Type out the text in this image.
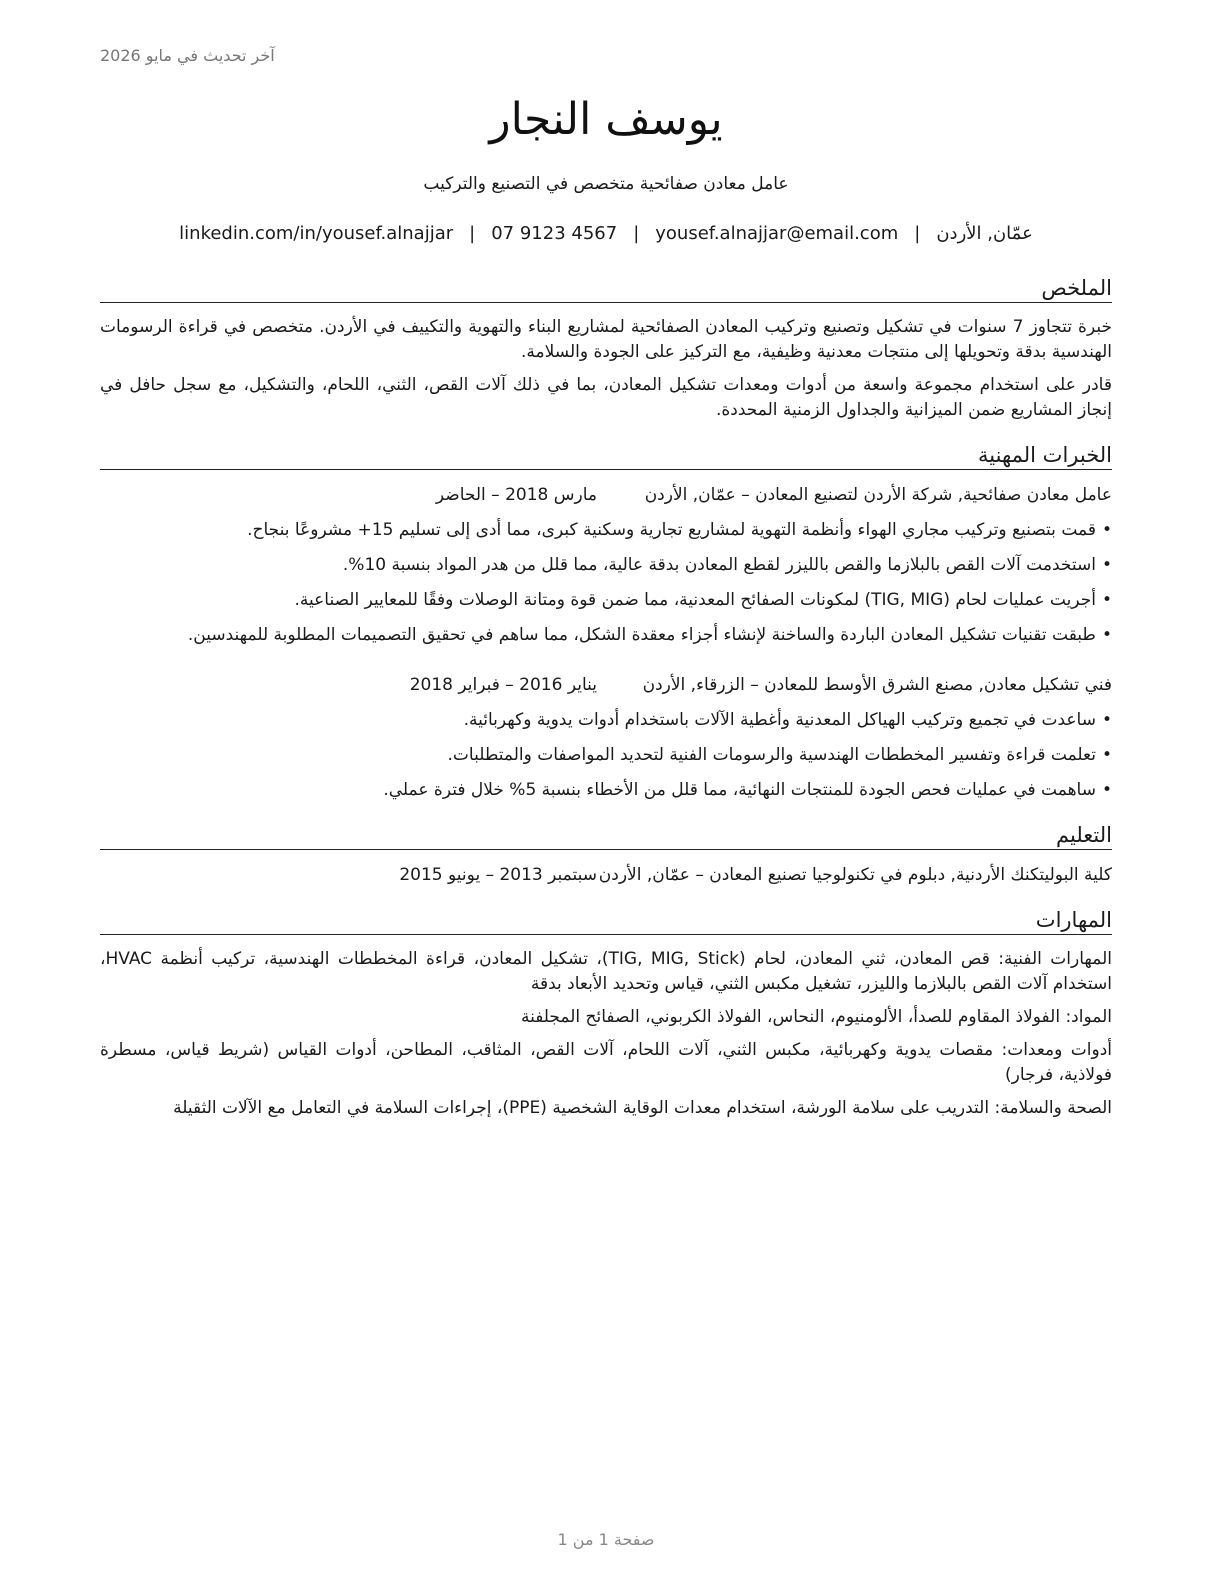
آخر تحديث في مايو 2026
يوسف النجار
عامل معادن صفائحية متخصص في التصنيع والتركيب
عمّان, الأردن|yousef.alnajjar@email.com|07 9123 4567|linkedin.com/in/yousef.alnajjar
الملخص

خبرة تتجاوز 7 سنوات في تشكيل وتصنيع وتركيب المعادن الصفائحية لمشاريع البناء والتهوية والتكييف في الأردن. متخصص في قراءة الرسومات الهندسية بدقة وتحويلها إلى منتجات معدنية وظيفية، مع التركيز على الجودة والسلامة.

قادر على استخدام مجموعة واسعة من أدوات ومعدات تشكيل المعادن، بما في ذلك آلات القص، الثني، اللحام، والتشكيل، مع سجل حافل في إنجاز المشاريع ضمن الميزانية والجداول الزمنية المحددة.

الخبرات المهنية
عامل معادن صفائحية, شركة الأردن لتصنيع المعادن – عمّان, الأردن
مارس 2018 – الحاضر
•قمت بتصنيع وتركيب مجاري الهواء وأنظمة التهوية لمشاريع تجارية وسكنية كبرى، مما أدى إلى تسليم 15+ مشروعًا بنجاح.
•استخدمت آلات القص بالبلازما والقص بالليزر لقطع المعادن بدقة عالية، مما قلل من هدر المواد بنسبة 10%.
•أجريت عمليات لحام (TIG, MIG) لمكونات الصفائح المعدنية، مما ضمن قوة ومتانة الوصلات وفقًا للمعايير الصناعية.
•طبقت تقنيات تشكيل المعادن الباردة والساخنة لإنشاء أجزاء معقدة الشكل، مما ساهم في تحقيق التصميمات المطلوبة للمهندسين.
فني تشكيل معادن, مصنع الشرق الأوسط للمعادن – الزرقاء, الأردن
يناير 2016 – فبراير 2018
•ساعدت في تجميع وتركيب الهياكل المعدنية وأغطية الآلات باستخدام أدوات يدوية وكهربائية.
•تعلمت قراءة وتفسير المخططات الهندسية والرسومات الفنية لتحديد المواصفات والمتطلبات.
•ساهمت في عمليات فحص الجودة للمنتجات النهائية، مما قلل من الأخطاء بنسبة 5% خلال فترة عملي.
التعليم
كلية البوليتكنك الأردنية, دبلوم في تكنولوجيا تصنيع المعادن – عمّان, الأردن
سبتمبر 2013 – يونيو 2015
المهارات

المهارات الفنية: قص المعادن، ثني المعادن، لحام (TIG, MIG, Stick)، تشكيل المعادن، قراءة المخططات الهندسية، تركيب أنظمة HVAC، استخدام آلات القص بالبلازما والليزر، تشغيل مكبس الثني، قياس وتحديد الأبعاد بدقة

المواد: الفولاذ المقاوم للصدأ، الألومنيوم، النحاس، الفولاذ الكربوني، الصفائح المجلفنة

أدوات ومعدات: مقصات يدوية وكهربائية، مكبس الثني، آلات اللحام، آلات القص، المثاقب، المطاحن، أدوات القياس (شريط قياس، مسطرة فولاذية، فرجار)

الصحة والسلامة: التدريب على سلامة الورشة، استخدام معدات الوقاية الشخصية (PPE)، إجراءات السلامة في التعامل مع الآلات الثقيلة

صفحة 1 من 1
